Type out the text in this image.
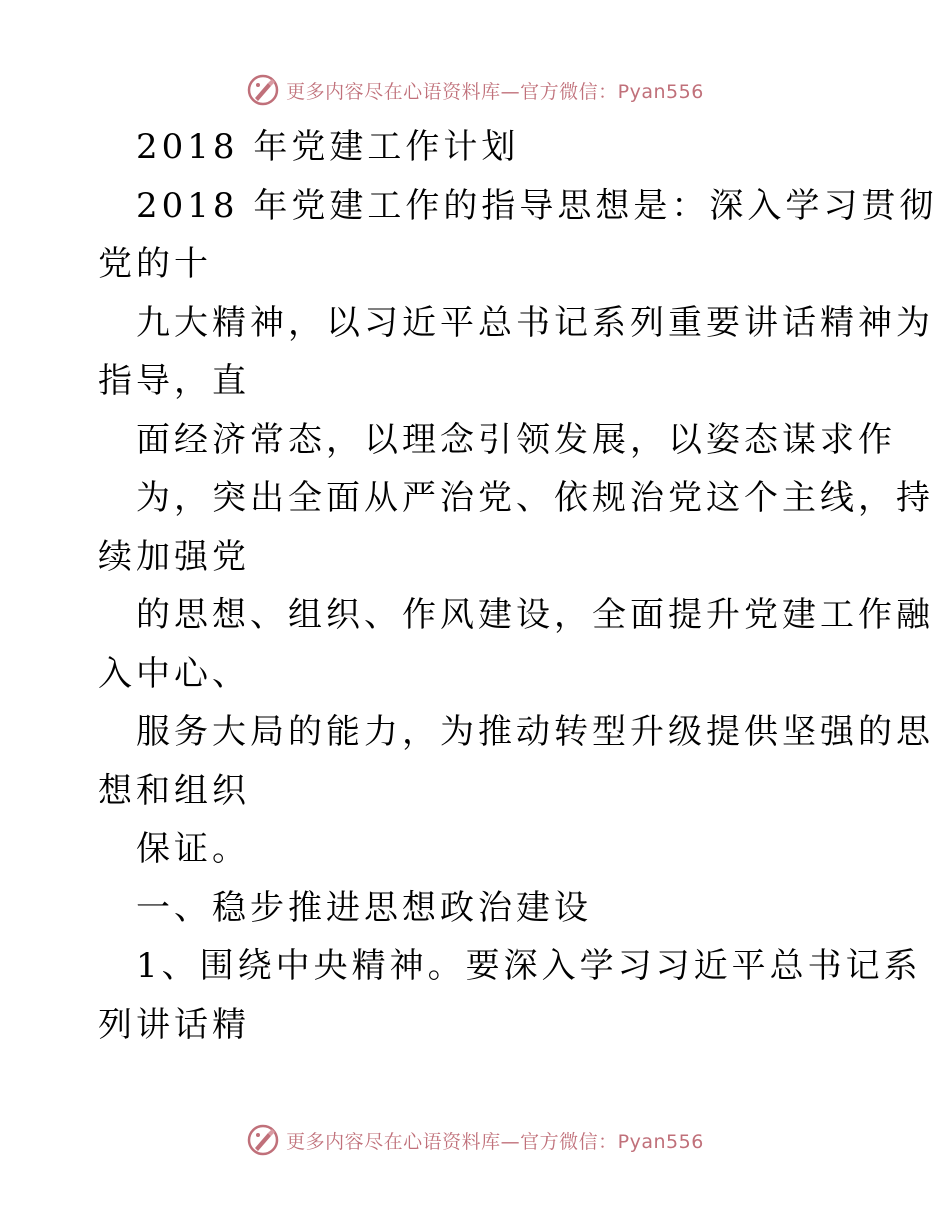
更多内容尽在心语资料库—官方微信：Pyan556
2018 年党建工作计划
2018 年党建工作的指导思想是：深入学习贯彻
党的十
九大精神，以习近平总书记系列重要讲话精神为
指导，直
面经济常态，以理念引领发展，以姿态谋求作
为，突出全面从严治党、依规治党这个主线，持
续加强党
的思想、组织、作风建设，全面提升党建工作融
入中心、
服务大局的能力，为推动转型升级提供坚强的思
想和组织
保证。
一、稳步推进思想政治建设
1、围绕中央精神。要深入学习习近平总书记系
列讲话精
更多内容尽在心语资料库—官方微信：Pyan556
